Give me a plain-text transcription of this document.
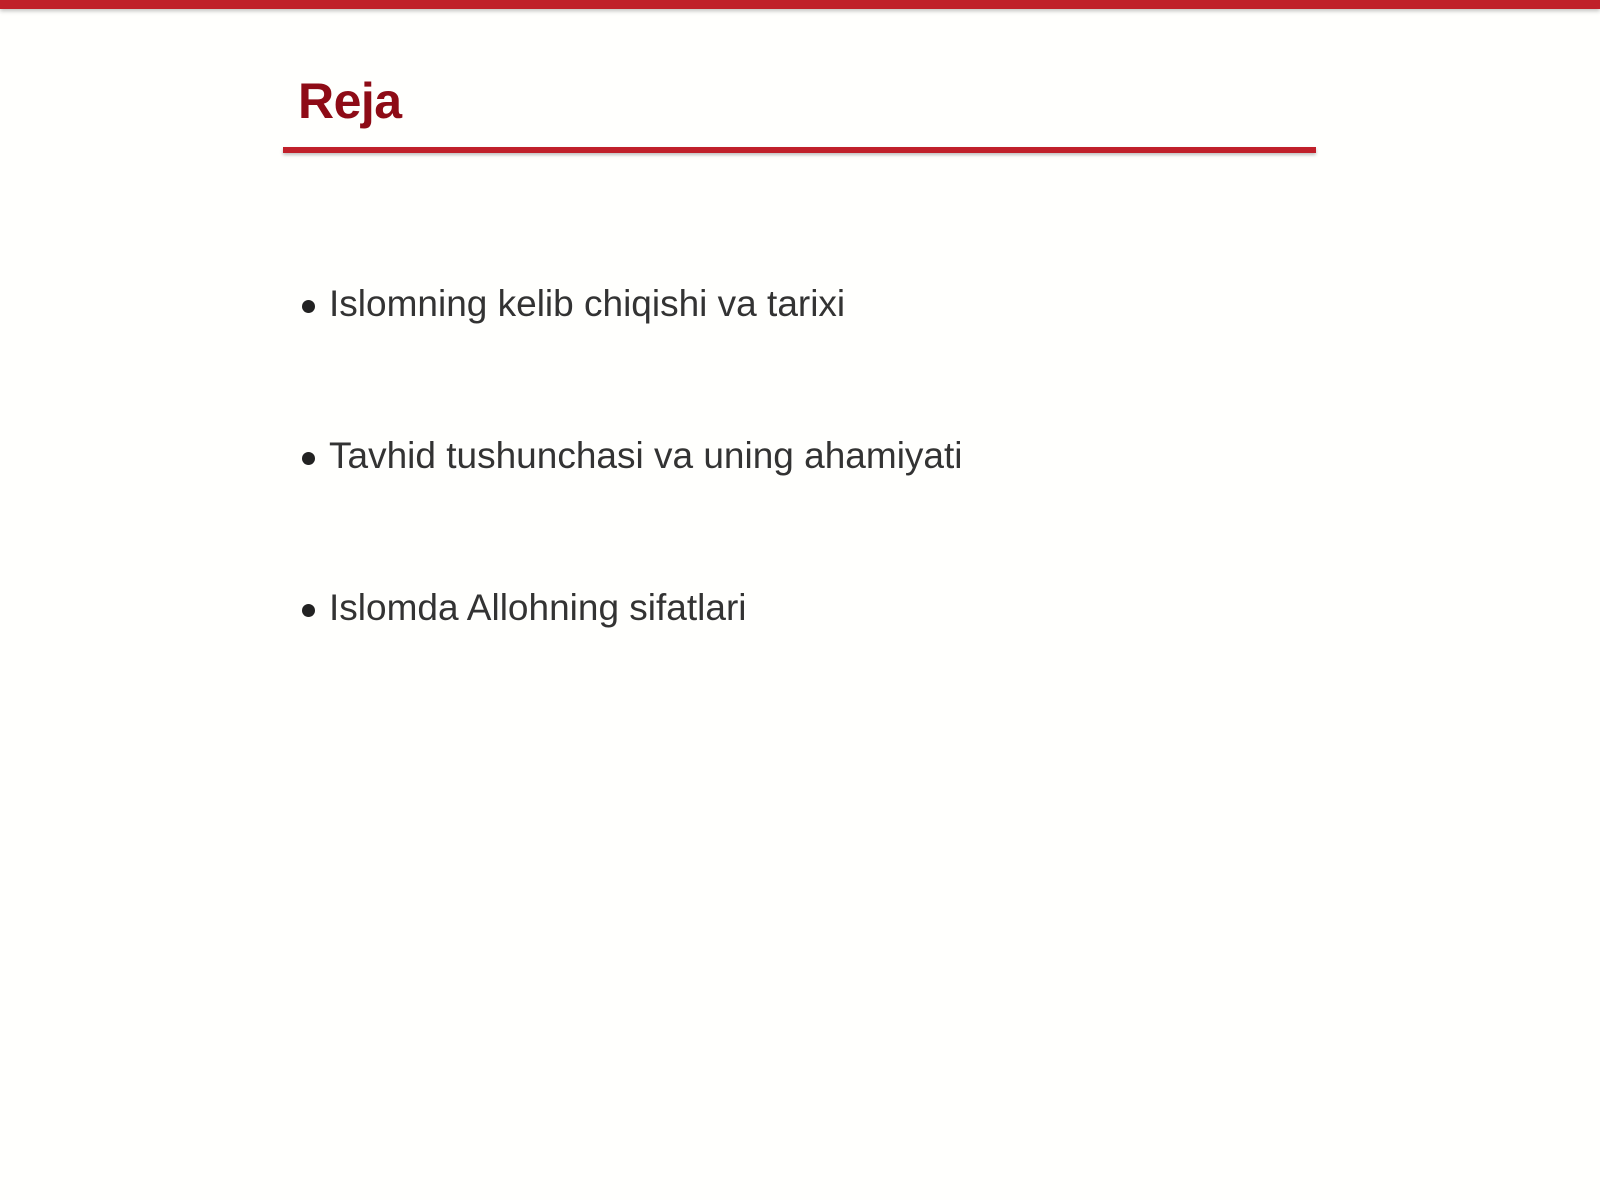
Reja
Islomning kelib chiqishi va tarixi
Tavhid tushunchasi va uning ahamiyati
Islomda Allohning sifatlari
